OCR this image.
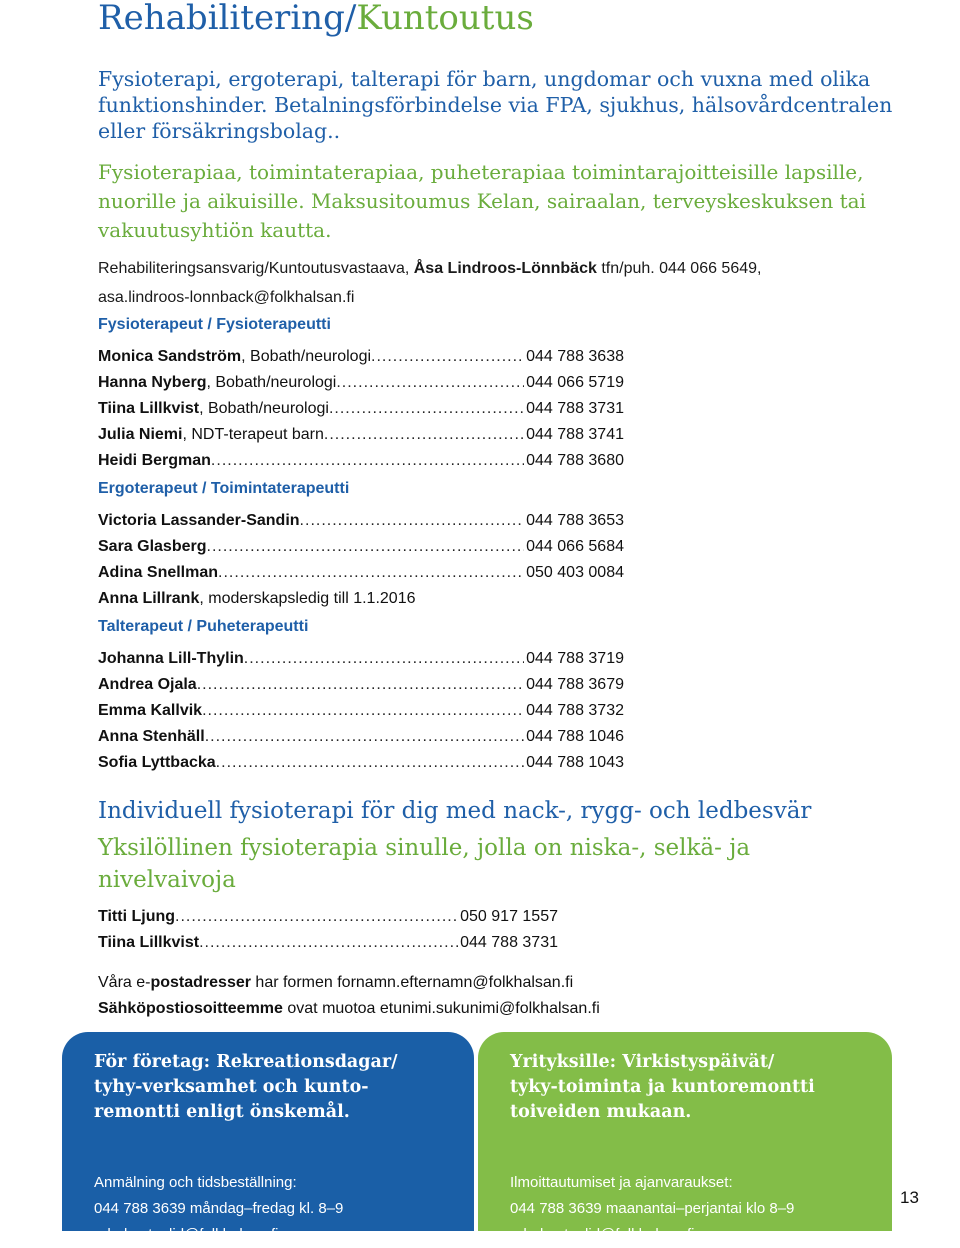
Rehabilitering/Kuntoutus
Fysioterapi, ergoterapi, talterapi för barn, ungdomar och vuxna med olika funktionshinder. Betalningsförbindelse via FPA, sjukhus, hälsovårdcentralen eller försäkringsbolag..
Fysioterapiaa, toimintaterapiaa, puheterapiaa toimintarajoitteisille lapsille, nuorille ja aikuisille. Maksusitoumus Kelan, sairaalan, terveyskeskuksen tai vakuutusyhtiön kautta.
Rehabiliteringsansvarig/Kuntoutusvastaava, Åsa Lindroos-Lönnbäck tfn/puh. 044 066 5649,
asa.lindroos-lonnback@folkhalsan.fi
Fysioterapeut / Fysioterapeutti
Monica Sandström , Bobath/neurologi .....	044 788 3638
Hanna Nyberg , Bobath/neurologi .....	044 066 5719
Tiina Lillkvist , Bobath/neurologi .....	044 788 3731
Julia Niemi , NDT-terapeut barn .....	044 788 3741
Heidi Bergman .....	044 788 3680
Ergoterapeut / Toimintaterapeutti
Victoria Lassander-Sandin .....	044 788 3653
Sara Glasberg .....	044 066 5684
Adina Snellman .....	050 403 0084
Anna Lillrank , moderskapsledig till 1.1.2016
Talterapeut / Puheterapeutti
Johanna Lill-Thylin .....	044 788 3719
Andrea Ojala .....	044 788 3679
Emma Kallvik .....	044 788 3732
Anna Stenhäll .....	044 788 1046
Sofia Lyttbacka .....	044 788 1043
Individuell fysioterapi för dig med nack-, rygg- och ledbesvär
Yksilöllinen fysioterapia sinulle, jolla on niska-, selkä- ja nivelvaivoja
Titti Ljung .....	050 917 1557
Tiina Lillkvist .....	044 788 3731
Våra e-postadresser har formen fornamn.efternamn@folkhalsan.fi
Sähköpostiosoitteemme ovat muotoa etunimi.sukunimi@folkhalsan.fi
För företag: Rekreationsdagar/
tyhy-verksamhet och kunto-
remontti enligt önskemål.
Anmälning och tidsbeställning:
044 788 3639 måndag–fredag kl. 8–9
rehabostanlid@folkhalsan.fi
Yrityksille: Virkistyspäivät/
tyky-toiminta ja kuntoremontti
toiveiden mukaan.
Ilmoittautumiset ja ajanvaraukset:
044 788 3639 maanantai–perjantai klo 8–9
rehabostanlid@folkhalsan.fi
13
